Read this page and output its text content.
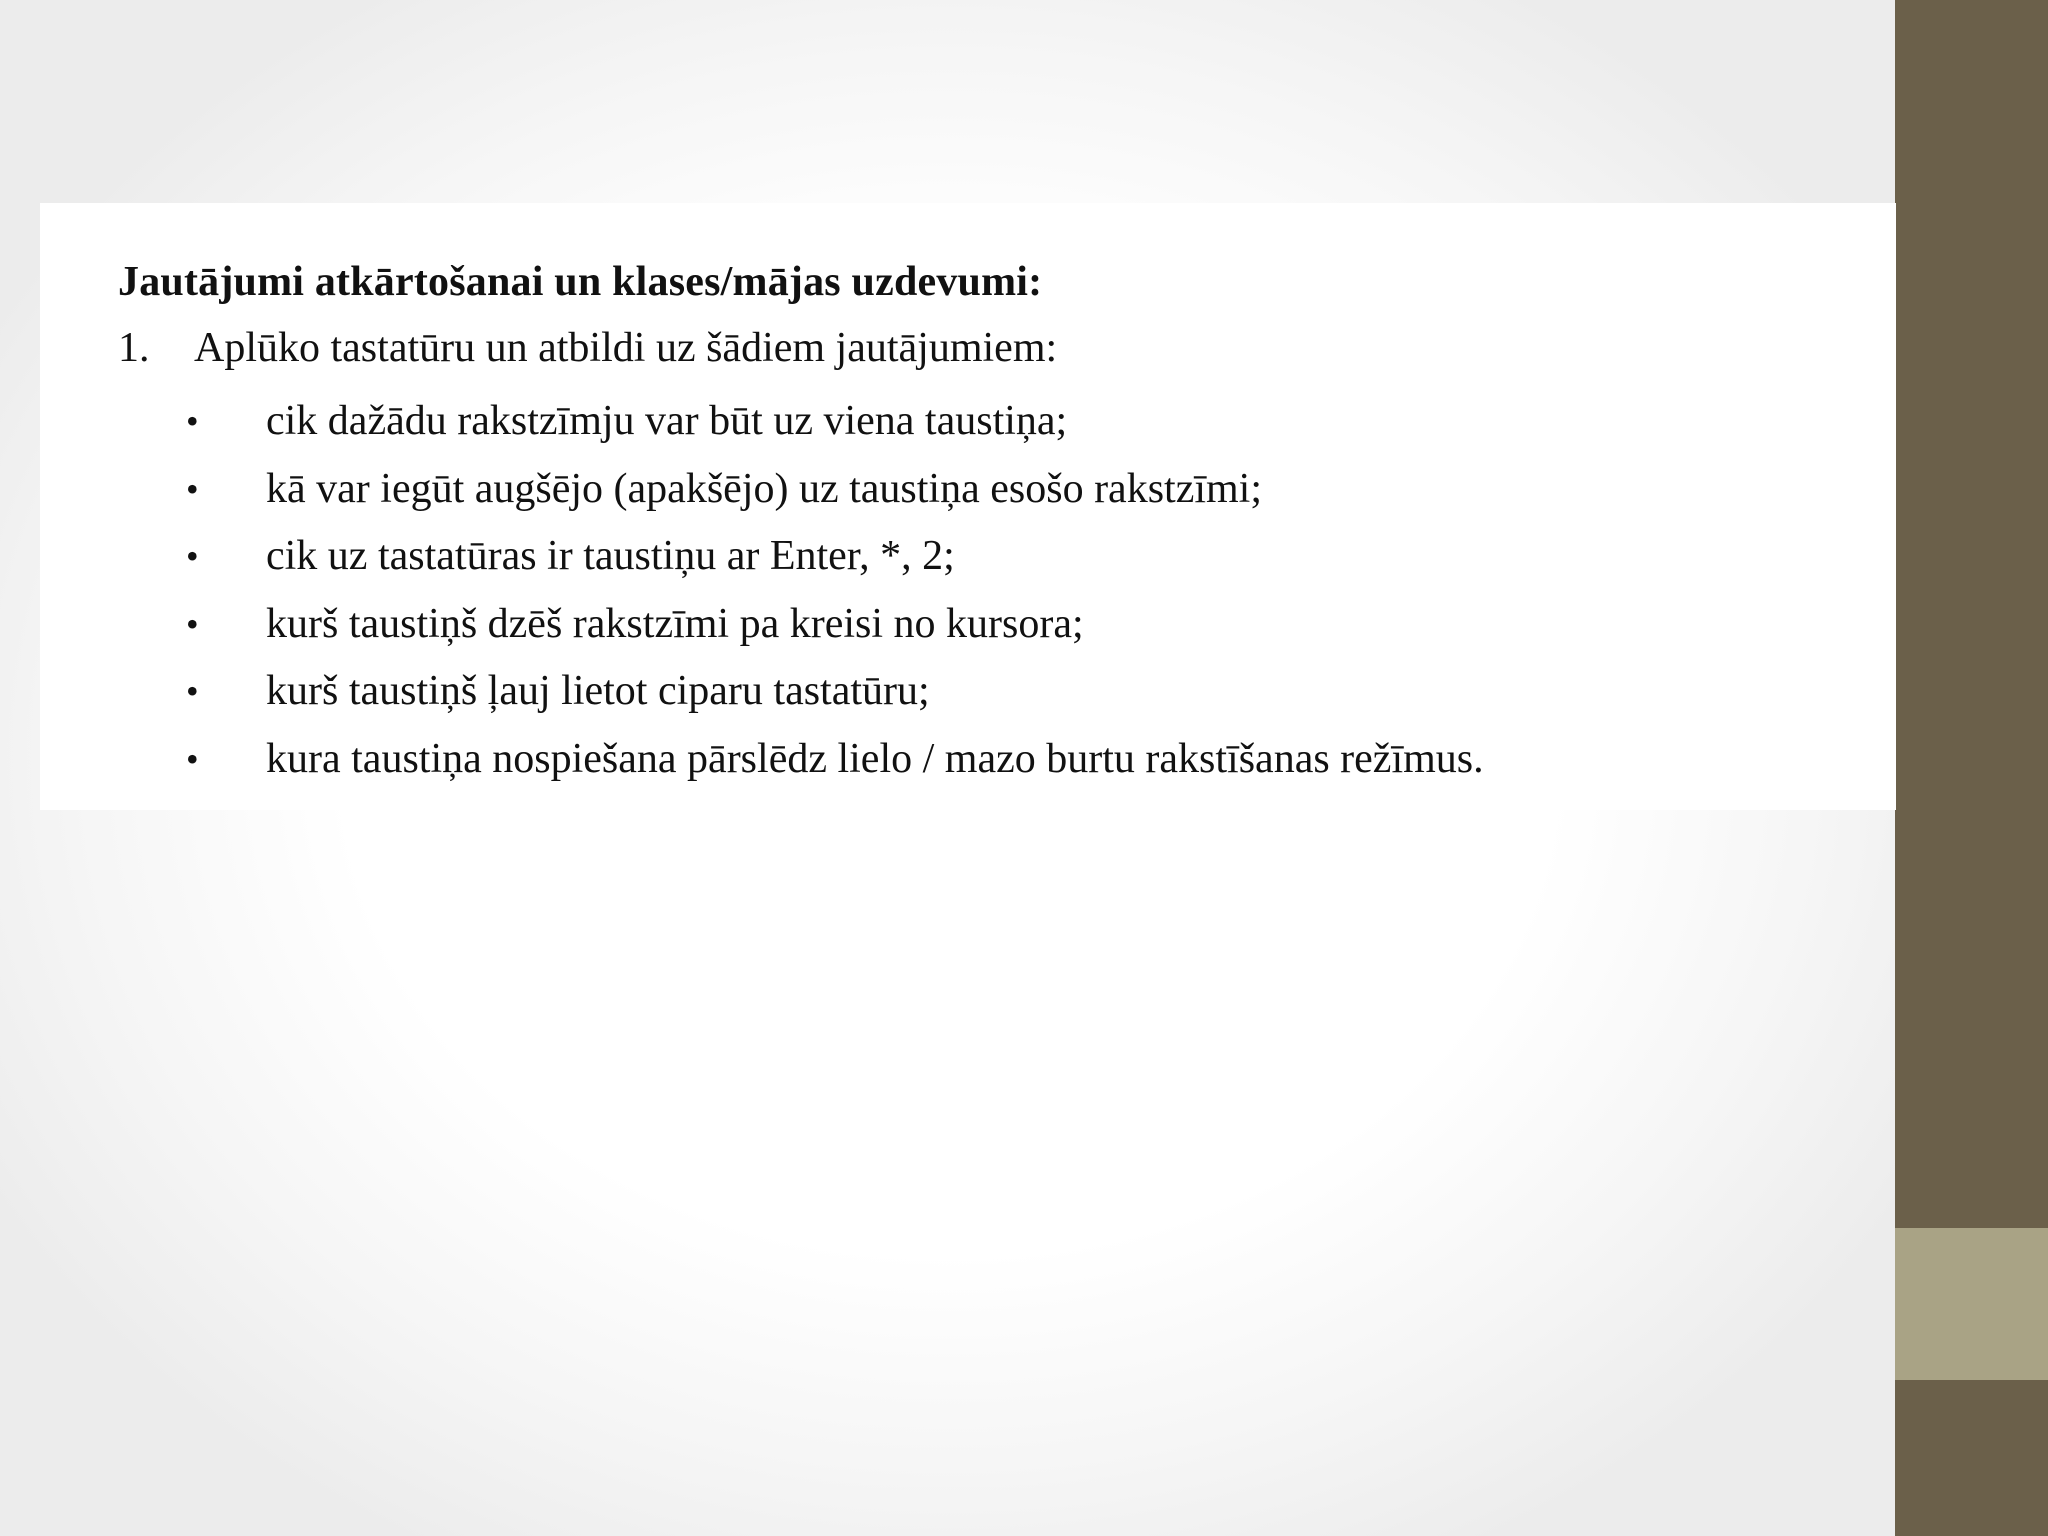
Jautājumi atkārtošanai un klases/mājas uzdevumi:
1. Aplūko tastatūru un atbildi uz šādiem jautājumiem:
•	cik dažādu rakstzīmju var būt uz viena taustiņa;
•	kā var iegūt augšējo (apakšējo) uz taustiņa esošo rakstzīmi;
•	cik uz tastatūras ir taustiņu ar Enter, *, 2;
•	kurš taustiņš dzēš rakstzīmi pa kreisi no kursora;
•	kurš taustiņš ļauj lietot ciparu tastatūru;
•	kura taustiņa nospiešana pārslēdz lielo / mazo burtu rakstīšanas režīmus.
